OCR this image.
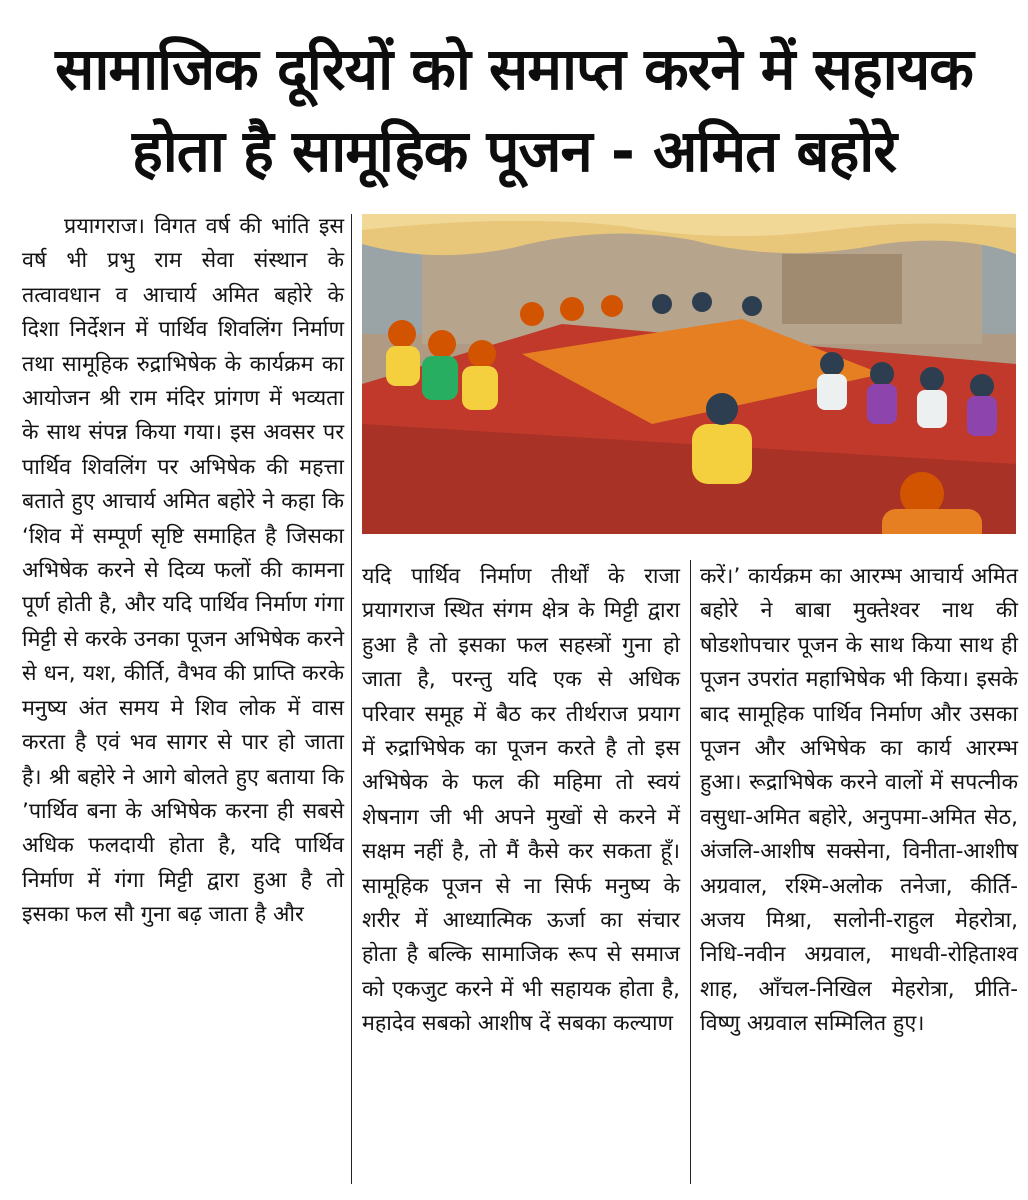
सामाजिक दूरियों को समाप्त करने में सहायक
होता है सामूहिक पूजन - अमित बहोरे

प्रयागराज। विगत वर्ष की भांति इस वर्ष भी प्रभु राम सेवा संस्थान के तत्वावधान व आचार्य अमित बहोरे के दिशा निर्देशन में पार्थिव शिवलिंग निर्माण तथा सामूहिक रुद्राभिषेक के कार्यक्रम का आयोजन श्री राम मंदिर प्रांगण में भव्यता के साथ संपन्न किया गया। इस अवसर पर पार्थिव शिवलिंग पर अभिषेक की महत्ता बताते हुए आचार्य अमित बहोरे ने कहा कि ‘शिव में सम्पूर्ण सृष्टि समाहित है जिसका अभिषेक करने से दिव्य फलों की कामना पूर्ण होती है, और यदि पार्थिव निर्माण गंगा मिट्टी से करके उनका पूजन अभिषेक करने से धन, यश, कीर्ति, वैभव की प्राप्ति करके मनुष्य अंत समय मे शिव लोक में वास करता है एवं भव सागर से पार हो जाता है। श्री बहोरे ने आगे बोलते हुए बताया कि ’पार्थिव बना के अभिषेक करना ही सबसे अधिक फलदायी होता है, यदि पार्थिव निर्माण में गंगा मिट्टी द्वारा हुआ है तो इसका फल सौ गुना बढ़ जाता है और

यदि पार्थिव निर्माण तीर्थों के राजा प्रयागराज स्थित संगम क्षेत्र के मिट्टी द्वारा हुआ है तो इसका फल सहस्त्रों गुना हो जाता है, परन्तु यदि एक से अधिक परिवार समूह में बैठ कर तीर्थराज प्रयाग में रुद्राभिषेक का पूजन करते है तो इस अभिषेक के फल की महिमा तो स्वयं शेषनाग जी भी अपने मुखों से करने में सक्षम नहीं है, तो मैं कैसे कर सकता हूँ। सामूहिक पूजन से ना सिर्फ मनुष्य के शरीर में आध्यात्मिक ऊर्जा का संचार होता है बल्कि सामाजिक रूप से समाज को एकजुट करने में भी सहायक होता है, महादेव सबको आशीष दें सबका कल्याण

करें।’ कार्यक्रम का आरम्भ आचार्य अमित बहोरे ने बाबा मुक्तेश्वर नाथ की षोडशोपचार पूजन के साथ किया साथ ही पूजन उपरांत महाभिषेक भी किया। इसके बाद सामूहिक पार्थिव निर्माण और उसका पूजन और अभिषेक का कार्य आरम्भ हुआ। रूद्राभिषेक करने वालों में सपत्नीक वसुधा-अमित बहोरे, अनुपमा-अमित सेठ, अंजलि-आशीष सक्सेना, विनीता-आशीष अग्रवाल, रश्मि-अलोक तनेजा, कीर्ति-अजय मिश्रा, सलोनी-राहुल मेहरोत्रा, निधि-नवीन अग्रवाल, माधवी-रोहिताश्व शाह, आँचल-निखिल मेहरोत्रा, प्रीति-विष्णु अग्रवाल सम्मिलित हुए।
